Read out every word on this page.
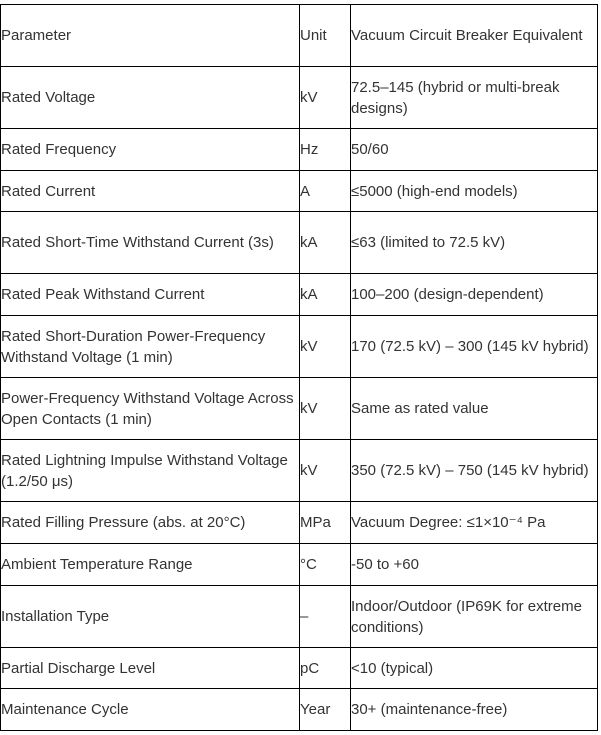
Parameter	Unit	Vacuum Circuit Breaker Equivalent
Rated Voltage	kV	72.5–145 (hybrid or multi-break designs)
Rated Frequency	Hz	50/60
Rated Current	A	≤5000 (high-end models)
Rated Short-Time Withstand Current (3s)	kA	≤63 (limited to 72.5 kV)
Rated Peak Withstand Current	kA	100–200 (design-dependent)
Rated Short-Duration Power-Frequency Withstand Voltage (1 min)	kV	170 (72.5 kV) – 300 (145 kV hybrid)
Power-Frequency Withstand Voltage Across Open Contacts (1 min)	kV	Same as rated value
Rated Lightning Impulse Withstand Voltage (1.2/50 μs)	kV	350 (72.5 kV) – 750 (145 kV hybrid)
Rated Filling Pressure (abs. at 20°C)	MPa	Vacuum Degree: ≤1×10⁻⁴ Pa
Ambient Temperature Range	°C	-50 to +60
Installation Type	–	Indoor/Outdoor (IP69K for extreme conditions)
Partial Discharge Level	pC	<10 (typical)
Maintenance Cycle	Year	30+ (maintenance-free)
